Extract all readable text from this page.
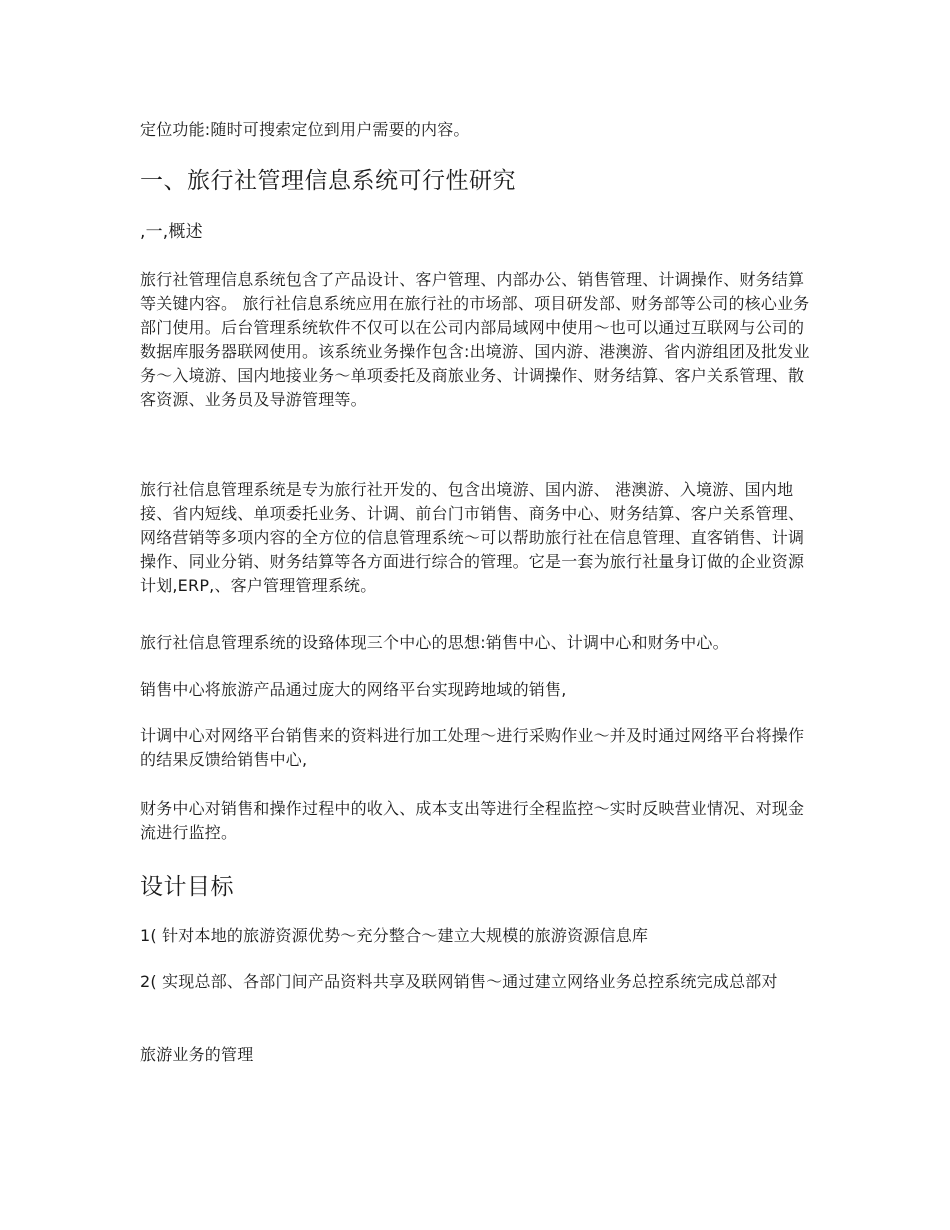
定位功能:随时可搜索定位到用户需要的内容。

一、旅行社管理信息系统可行性研究

,一,概述

旅行社管理信息系统包含了产品设计、客户管理、内部办公、销售管理、计调操作、财务结算等关键内容。 旅行社信息系统应用在旅行社的市场部、项目研发部、财务部等公司的核心业务部门使用。后台管理系统软件不仅可以在公司内部局域网中使用～也可以通过互联网与公司的数据库服务器联网使用。该系统业务操作包含:出境游、国内游、港澳游、省内游组团及批发业务～入境游、国内地接业务～单项委托及商旅业务、计调操作、财务结算、客户关系管理、散客资源、业务员及导游管理等。

旅行社信息管理系统是专为旅行社开发的、包含出境游、国内游、 港澳游、入境游、国内地接、省内短线、单项委托业务、计调、前台门市销售、商务中心、财务结算、客户关系管理、网络营销等多项内容的全方位的信息管理系统～可以帮助旅行社在信息管理、直客销售、计调操作、同业分销、财务结算等各方面进行综合的管理。它是一套为旅行社量身订做的企业资源计划,ERP,、客户管理管理系统。

旅行社信息管理系统的设臵体现三个中心的思想:销售中心、计调中心和财务中心。

销售中心将旅游产品通过庞大的网络平台实现跨地域的销售,

计调中心对网络平台销售来的资料进行加工处理～进行采购作业～并及时通过网络平台将操作的结果反馈给销售中心,

财务中心对销售和操作过程中的收入、成本支出等进行全程监控～实时反映营业情况、对现金流进行监控。

设计目标

1( 针对本地的旅游资源优势～充分整合～建立大规模的旅游资源信息库

2( 实现总部、各部门间产品资料共享及联网销售～通过建立网络业务总控系统完成总部对

旅游业务的管理
